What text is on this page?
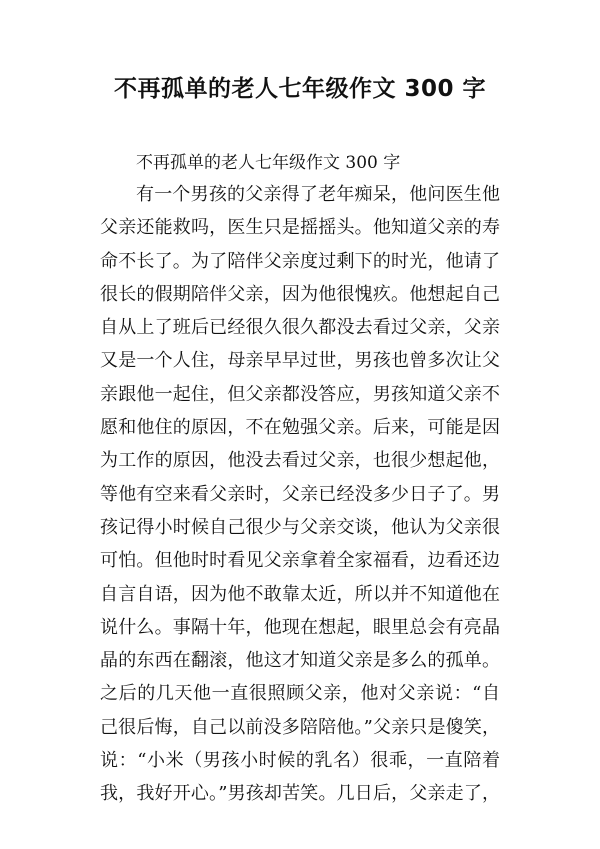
不再孤单的老人七年级作文 300 字

不再孤单的老人七年级作文 300 字

有一个男孩的父亲得了老年痴呆，他问医生他
父亲还能救吗，医生只是摇摇头。他知道父亲的寿
命不长了。为了陪伴父亲度过剩下的时光，他请了
很长的假期陪伴父亲，因为他很愧疚。他想起自己
自从上了班后已经很久很久都没去看过父亲，父亲
又是一个人住，母亲早早过世，男孩也曾多次让父
亲跟他一起住，但父亲都没答应，男孩知道父亲不
愿和他住的原因，不在勉强父亲。后来，可能是因
为工作的原因，他没去看过父亲，也很少想起他，
等他有空来看父亲时，父亲已经没多少日子了。男
孩记得小时候自己很少与父亲交谈，他认为父亲很
可怕。但他时时看见父亲拿着全家福看，边看还边
自言自语，因为他不敢靠太近，所以并不知道他在
说什么。事隔十年，他现在想起，眼里总会有亮晶
晶的东西在翻滚，他这才知道父亲是多么的孤单。
之后的几天他一直很照顾父亲，他对父亲说：“自
己很后悔，自己以前没多陪陪他。”父亲只是傻笑，
说：“小米（男孩小时候的乳名）很乖，一直陪着
我，我好开心。”男孩却苦笑。几日后，父亲走了，
